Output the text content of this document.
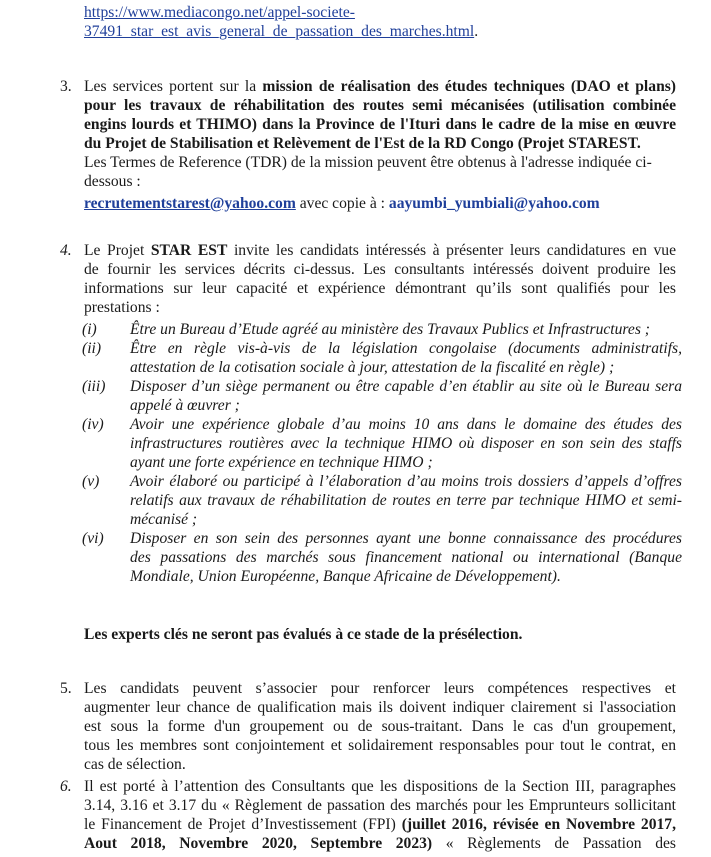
https://www.mediacongo.net/appel-societe-
37491_star_est_avis_general_de_passation_des_marches.html.
3. Les services portent sur la mission de réalisation des études techniques (DAO et plans)
pour les travaux de réhabilitation des routes semi mécanisées (utilisation combinée
engins lourds et THIMO) dans la Province de l'Ituri dans le cadre de la mise en œuvre
du Projet de Stabilisation et Relèvement de l'Est de la RD Congo (Projet STAREST.
Les Termes de Reference (TDR) de la mission peuvent être obtenus à l'adresse indiquée ci-
dessous :
recrutementstarest@yahoo.com avec copie à : aayumbi_yumbiali@yahoo.com
4. Le Projet STAR EST invite les candidats intéressés à présenter leurs candidatures en vue
de fournir les services décrits ci-dessus. Les consultants intéressés doivent produire les
informations sur leur capacité et expérience démontrant qu’ils sont qualifiés pour les
prestations :
(i) Être un Bureau d’Etude agréé au ministère des Travaux Publics et Infrastructures ;
(ii) Être en règle vis-à-vis de la législation congolaise (documents administratifs,
attestation de la cotisation sociale à jour, attestation de la fiscalité en règle) ;
(iii) Disposer d’un siège permanent ou être capable d’en établir au site où le Bureau sera
appelé à œuvrer ;
(iv) Avoir une expérience globale d’au moins 10 ans dans le domaine des études des
infrastructures routières avec la technique HIMO où disposer en son sein des staffs
ayant une forte expérience en technique HIMO ;
(v) Avoir élaboré ou participé à l’élaboration d’au moins trois dossiers d’appels d’offres
relatifs aux travaux de réhabilitation de routes en terre par technique HIMO et semi-
mécanisé ;
(vi) Disposer en son sein des personnes ayant une bonne connaissance des procédures
des passations des marchés sous financement national ou international (Banque
Mondiale, Union Européenne, Banque Africaine de Développement).
Les experts clés ne seront pas évalués à ce stade de la présélection.
5. Les candidats peuvent s’associer pour renforcer leurs compétences respectives et
augmenter leur chance de qualification mais ils doivent indiquer clairement si l'association
est sous la forme d'un groupement ou de sous-traitant. Dans le cas d'un groupement,
tous les membres sont conjointement et solidairement responsables pour tout le contrat, en
cas de sélection.
6. Il est porté à l’attention des Consultants que les dispositions de la Section III, paragraphes
3.14, 3.16 et 3.17 du « Règlement de passation des marchés pour les Emprunteurs sollicitant
le Financement de Projet d’Investissement (FPI) (juillet 2016, révisée en Novembre 2017,
Aout 2018, Novembre 2020, Septembre 2023) « Règlements de Passation des
